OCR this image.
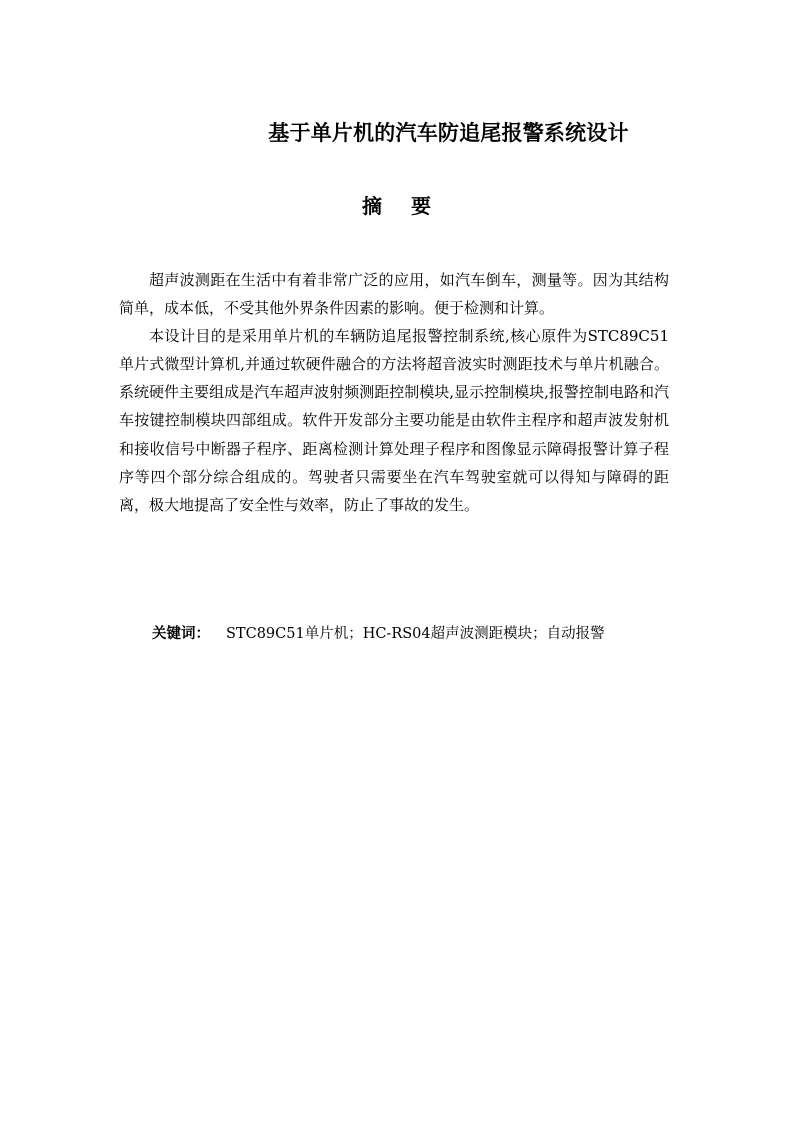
基于单片机的汽车防追尾报警系统设计
摘 要

超声波测距在生活中有着非常广泛的应用，如汽车倒车，测量等。因为其结构简单，成本低，不受其他外界条件因素的影响。便于检测和计算。

本设计目的是采用单片机的车辆防追尾报警控制系统,核心原件为STC89C51单片式微型计算机,并通过软硬件融合的方法将超音波实时测距技术与单片机融合。系统硬件主要组成是汽车超声波射频测距控制模块,显示控制模块,报警控制电路和汽车按键控制模块四部组成。软件开发部分主要功能是由软件主程序和超声波发射机和接收信号中断器子程序、距离检测计算处理子程序和图像显示障碍报警计算子程序等四个部分综合组成的。驾驶者只需要坐在汽车驾驶室就可以得知与障碍的距离，极大地提高了安全性与效率，防止了事故的发生。

关键词： STC89C51单片机；HC-RS04超声波测距模块；自动报警
